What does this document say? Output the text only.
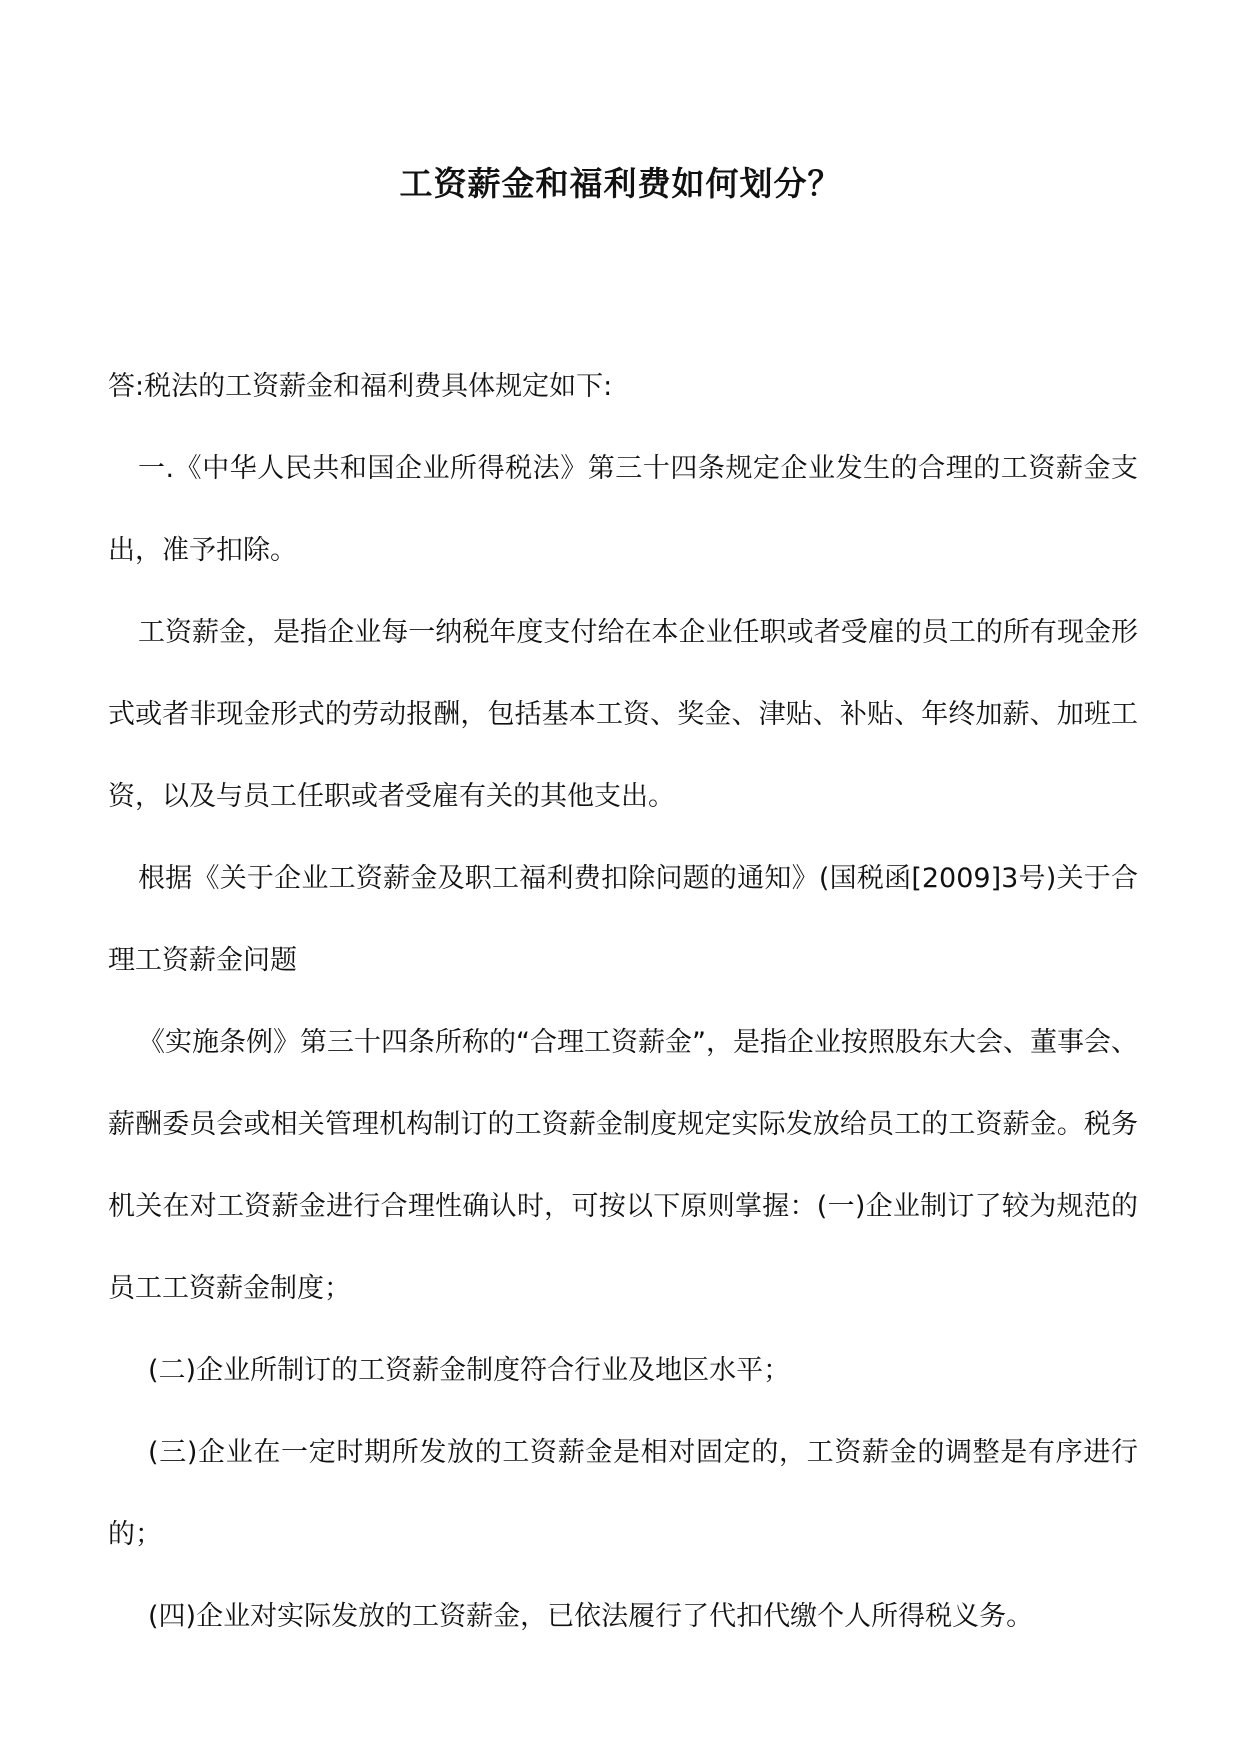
工资薪金和福利费如何划分？

答:税法的工资薪金和福利费具体规定如下:

一.《中华人民共和国企业所得税法》第三十四条规定企业发生的合理的工资薪金支出，准予扣除。

工资薪金，是指企业每一纳税年度支付给在本企业任职或者受雇的员工的所有现金形式或者非现金形式的劳动报酬，包括基本工资、奖金、津贴、补贴、年终加薪、加班工资，以及与员工任职或者受雇有关的其他支出。

根据《关于企业工资薪金及职工福利费扣除问题的通知》(国税函[2009]3号)关于合理工资薪金问题

《实施条例》第三十四条所称的“合理工资薪金”，是指企业按照股东大会、董事会、薪酬委员会或相关管理机构制订的工资薪金制度规定实际发放给员工的工资薪金。税务机关在对工资薪金进行合理性确认时，可按以下原则掌握：(一)企业制订了较为规范的员工工资薪金制度；

(二)企业所制订的工资薪金制度符合行业及地区水平；

(三)企业在一定时期所发放的工资薪金是相对固定的，工资薪金的调整是有序进行的；

(四)企业对实际发放的工资薪金，已依法履行了代扣代缴个人所得税义务。
